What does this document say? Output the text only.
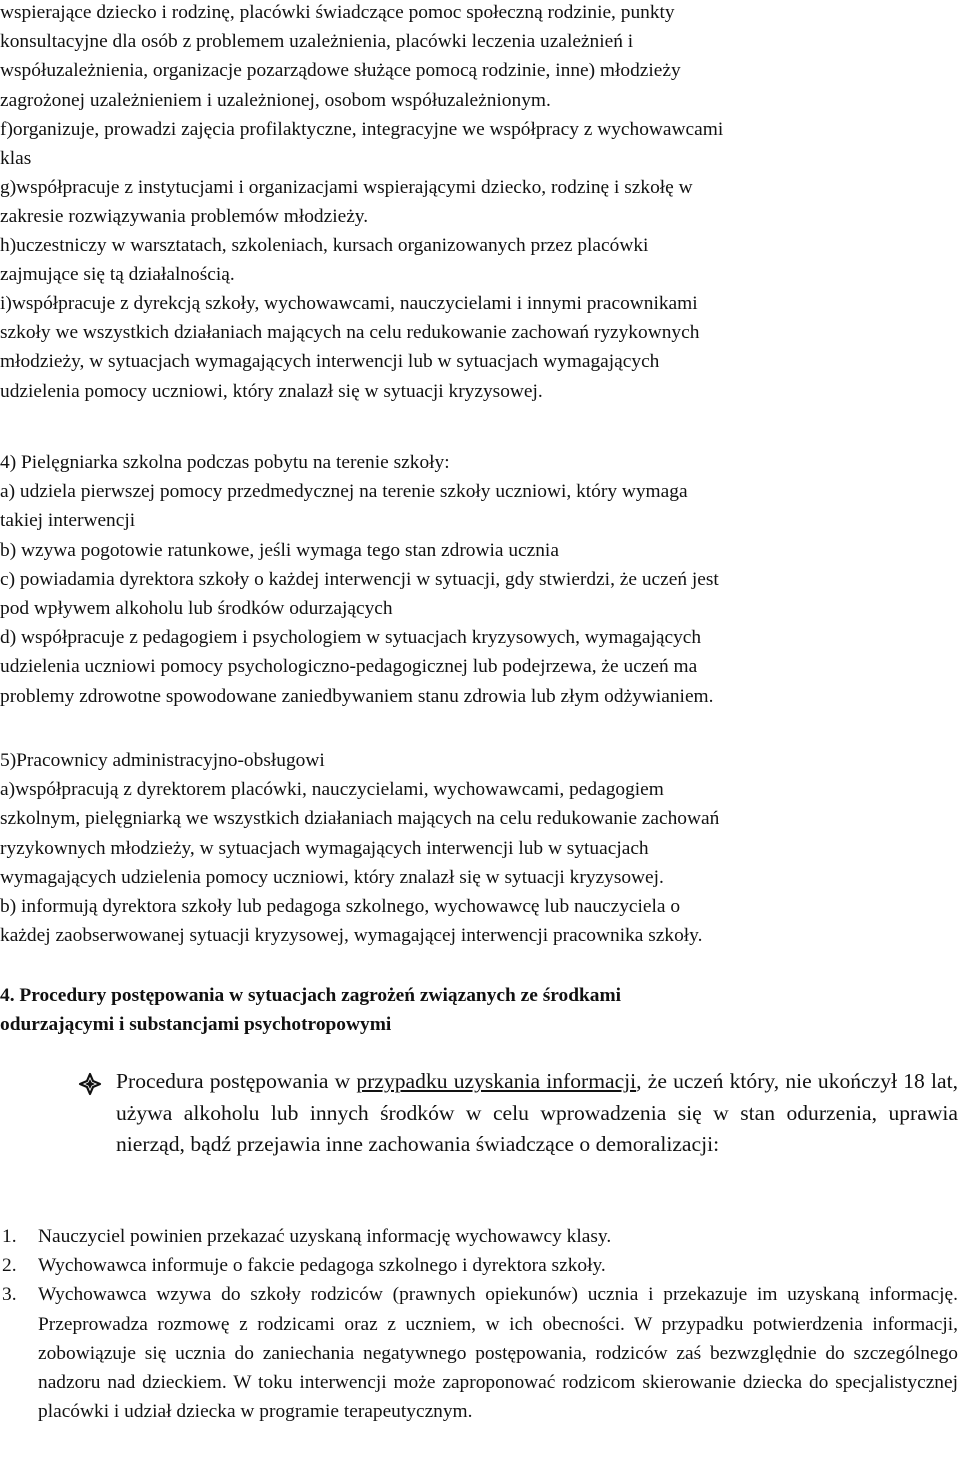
wspierające dziecko i rodzinę, placówki świadczące pomoc społeczną rodzinie, punkty

konsultacyjne dla osób z problemem uzależnienia, placówki leczenia uzależnień i

współuzależnienia, organizacje pozarządowe służące pomocą rodzinie, inne) młodzieży

zagrożonej uzależnieniem i uzależnionej, osobom współuzależnionym.

f)organizuje, prowadzi zajęcia profilaktyczne, integracyjne we współpracy z wychowawcami

klas

g)współpracuje z instytucjami i organizacjami wspierającymi dziecko, rodzinę i szkołę w

zakresie rozwiązywania problemów młodzieży.

h)uczestniczy w warsztatach, szkoleniach, kursach organizowanych przez placówki

zajmujące się tą działalnością.

i)współpracuje z dyrekcją szkoły, wychowawcami, nauczycielami i innymi pracownikami

szkoły we wszystkich działaniach mających na celu redukowanie zachowań ryzykownych

młodzieży, w sytuacjach wymagających interwencji lub w sytuacjach wymagających

udzielenia pomocy uczniowi, który znalazł się w sytuacji kryzysowej.

4) Pielęgniarka szkolna podczas pobytu na terenie szkoły:

a) udziela pierwszej pomocy przedmedycznej na terenie szkoły uczniowi, który wymaga

takiej interwencji

b) wzywa pogotowie ratunkowe, jeśli wymaga tego stan zdrowia ucznia

c) powiadamia dyrektora szkoły o każdej interwencji w sytuacji, gdy stwierdzi, że uczeń jest

pod wpływem alkoholu lub środków odurzających

d) współpracuje z pedagogiem i psychologiem w sytuacjach kryzysowych, wymagających

udzielenia uczniowi pomocy psychologiczno-pedagogicznej lub podejrzewa, że uczeń ma

problemy zdrowotne spowodowane zaniedbywaniem stanu zdrowia lub złym odżywianiem.

5)Pracownicy administracyjno-obsługowi

a)współpracują z dyrektorem placówki, nauczycielami, wychowawcami, pedagogiem

szkolnym, pielęgniarką we wszystkich działaniach mających na celu redukowanie zachowań

ryzykownych młodzieży, w sytuacjach wymagających interwencji lub w sytuacjach

wymagających udzielenia pomocy uczniowi, który znalazł się w sytuacji kryzysowej.

b) informują dyrektora szkoły lub pedagoga szkolnego, wychowawcę lub nauczyciela o

każdej zaobserwowanej sytuacji kryzysowej, wymagającej interwencji pracownika szkoły.

4. Procedury postępowania w sytuacjach zagrożeń związanych ze środkami
odurzającymi i substancjami psychotropowymi
Procedura postępowania w przypadku uzyskania informacji, że uczeń który, nie ukończył 18 lat, używa alkoholu lub innych środków w celu wprowadzenia się w stan odurzenia, uprawia nierząd, bądź przejawia inne zachowania świadczące o demoralizacji:
1. Nauczyciel powinien przekazać uzyskaną informację wychowawcy klasy.
2. Wychowawca informuje o fakcie pedagoga szkolnego i dyrektora szkoły.
3. Wychowawca wzywa do szkoły rodziców (prawnych opiekunów) ucznia i przekazuje im uzyskaną informację. Przeprowadza rozmowę z rodzicami oraz z uczniem, w ich obecności. W przypadku potwierdzenia informacji, zobowiązuje się ucznia do zaniechania negatywnego postępowania, rodziców zaś bezwzględnie do szczególnego nadzoru nad dzieckiem. W toku interwencji może zaproponować rodzicom skierowanie dziecka do specjalistycznej placówki i udział dziecka w programie terapeutycznym.
